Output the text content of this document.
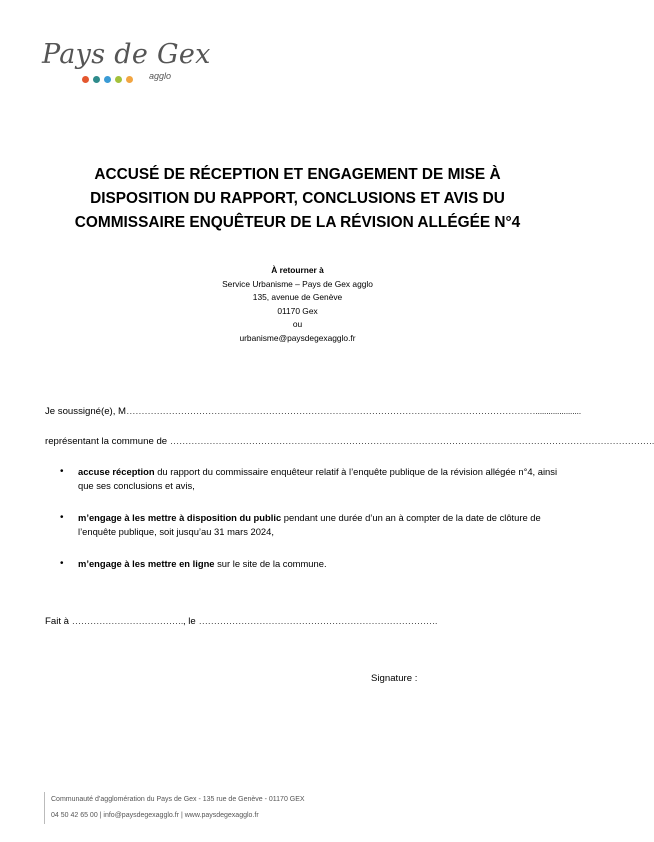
Pays de Gex
agglo
ACCUSÉ DE RÉCEPTION ET ENGAGEMENT DE MISE À
DISPOSITION DU RAPPORT, CONCLUSIONS ET AVIS DU
COMMISSAIRE ENQUÊTEUR DE LA RÉVISION ALLÉGÉE N°4
À retourner à
Service Urbanisme – Pays de Gex agglo
135, avenue de Genève
01170 Gex
ou
urbanisme@paysdegexagglo.fr
Je soussigné(e), M……………………………………………………………………………………………………………………….....................
représentant la commune de …………………………………………………………………………………………………………………………………………….
• accuse réception du rapport du commissaire enquêteur relatif à l’enquête publique de la révision allégée n°4, ainsi que ses conclusions et avis,
• m’engage à les mettre à disposition du public pendant une durée d’un an à compter de la date de clôture de l’enquête publique, soit jusqu’au 31 mars 2024,
• m’engage à les mettre en ligne sur le site de la commune.
Fait à ………………………………., le …………………………………………………………………….
Signature :
Communauté d’agglomération du Pays de Gex - 135 rue de Genève - 01170 GEX
04 50 42 65 00 | info@paysdegexagglo.fr | www.paysdegexagglo.fr
